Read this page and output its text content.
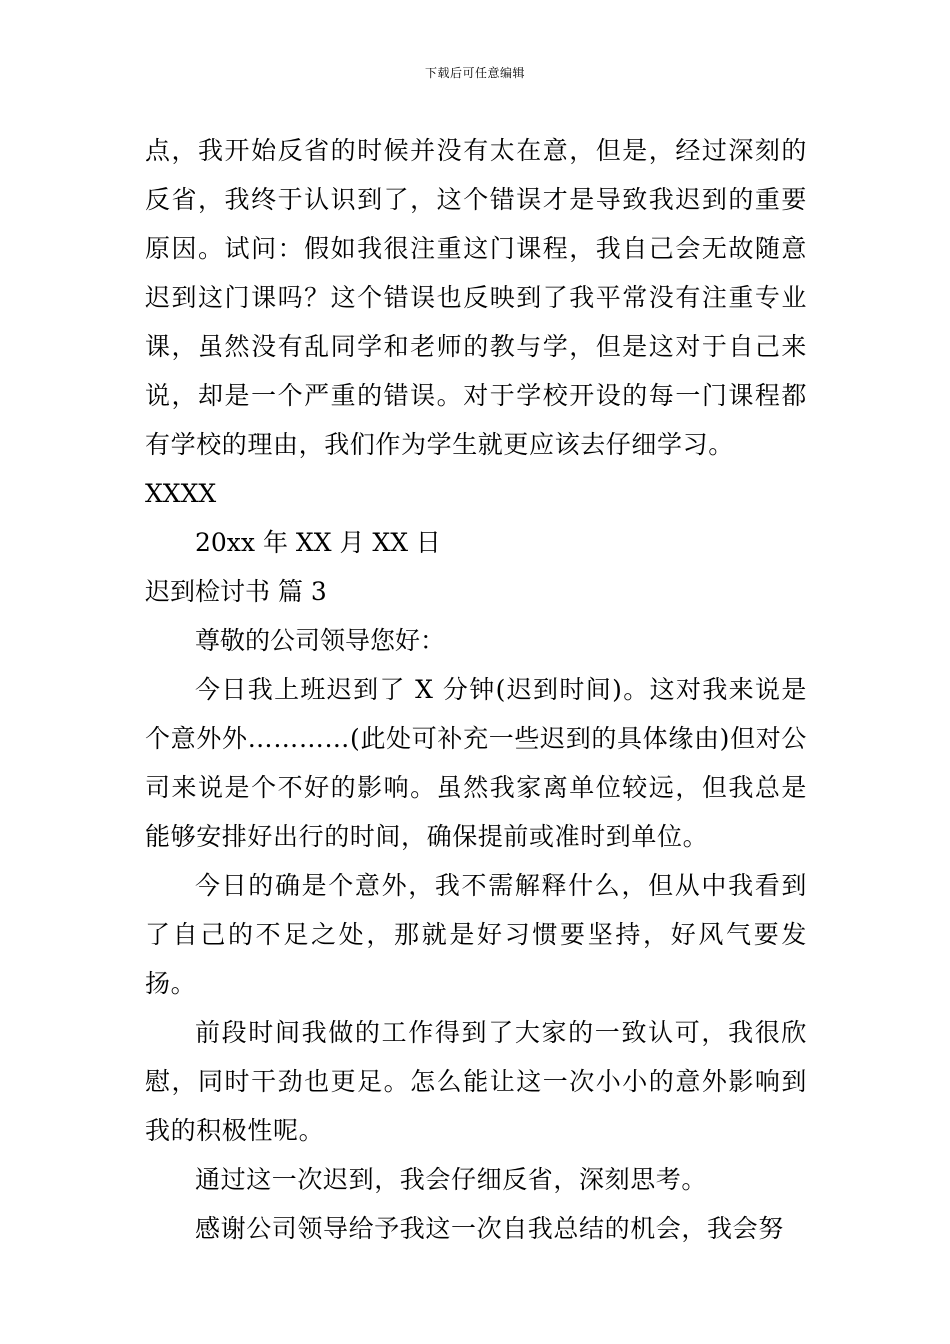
下载后可任意编辑

点，我开始反省的时候并没有太在意，但是，经过深刻的反省，我终于认识到了，这个错误才是导致我迟到的重要原因。试问：假如我很注重这门课程，我自己会无故随意迟到这门课吗？这个错误也反映到了我平常没有注重专业课，虽然没有乱同学和老师的教与学，但是这对于自己来说，却是一个严重的错误。对于学校开设的每一门课程都有学校的理由，我们作为学生就更应该去仔细学习。

XXXX

20xx 年 XX 月 XX 日

迟到检讨书 篇 3

尊敬的公司领导您好：

今日我上班迟到了 X 分钟(迟到时间)。这对我来说是个意外外…………(此处可补充一些迟到的具体缘由)但对公司来说是个不好的影响。虽然我家离单位较远，但我总是能够安排好出行的时间，确保提前或准时到单位。

今日的确是个意外，我不需解释什么，但从中我看到了自己的不足之处，那就是好习惯要坚持，好风气要发扬。

前段时间我做的工作得到了大家的一致认可，我很欣慰，同时干劲也更足。怎么能让这一次小小的意外影响到我的积极性呢。

通过这一次迟到，我会仔细反省，深刻思考。

感谢公司领导给予我这一次自我总结的机会，我会努
